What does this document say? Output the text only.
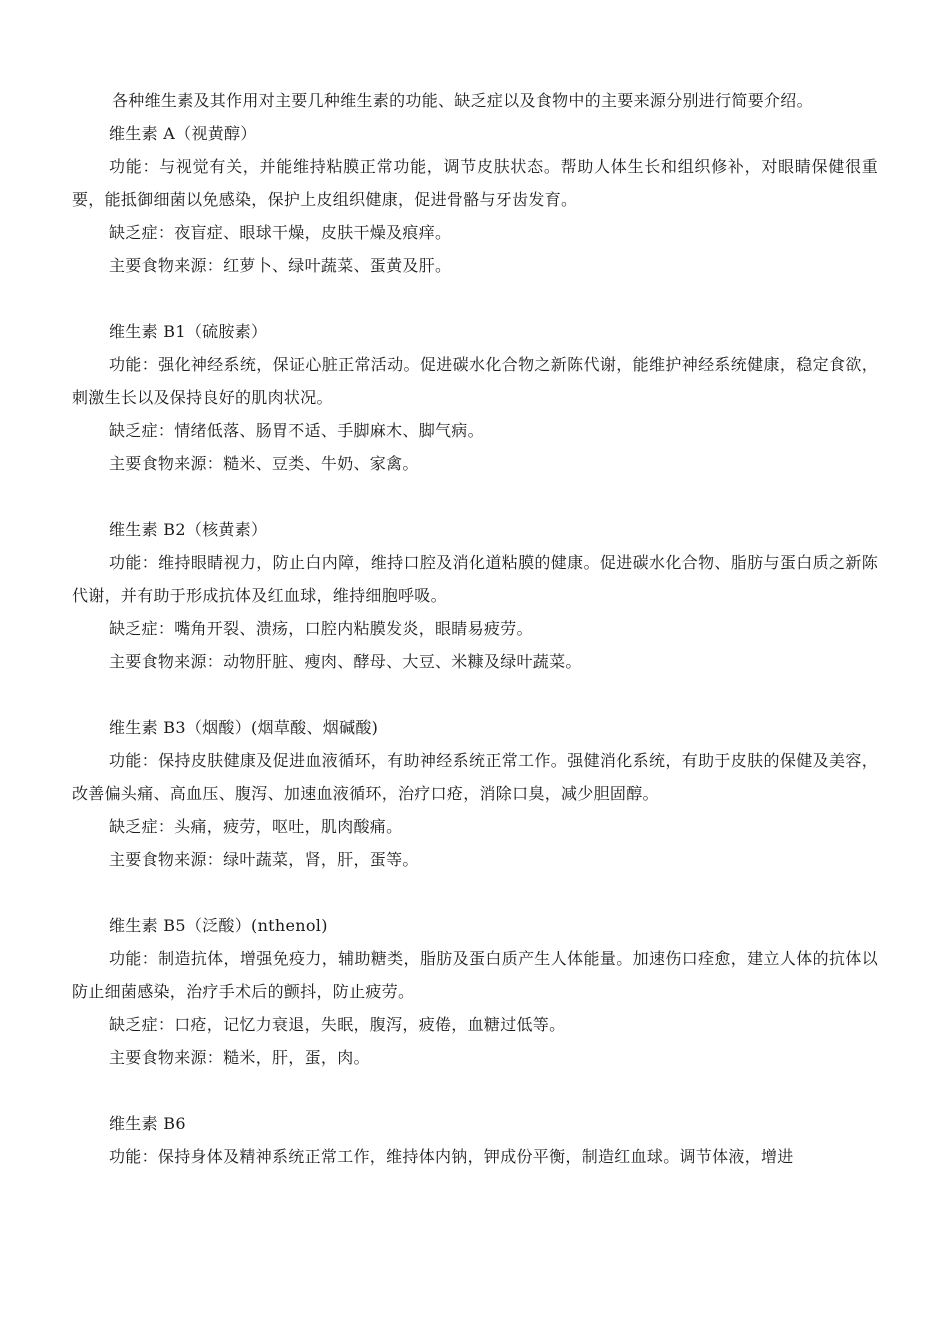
各种维生素及其作用对主要几种维生素的功能、缺乏症以及食物中的主要来源分别进行简要介绍。

维生素 A（视黄醇）

功能：与视觉有关，并能维持粘膜正常功能，调节皮肤状态。帮助人体生长和组织修补，对眼睛保健很重要，能抵御细菌以免感染，保护上皮组织健康，促进骨骼与牙齿发育。

缺乏症：夜盲症、眼球干燥，皮肤干燥及痕痒。

主要食物来源：红萝卜、绿叶蔬菜、蛋黄及肝。

维生素 B1（硫胺素）

功能：强化神经系统，保证心脏正常活动。促进碳水化合物之新陈代谢，能维护神经系统健康，稳定食欲，刺激生长以及保持良好的肌肉状况。

缺乏症：情绪低落、肠胃不适、手脚麻木、脚气病。

主要食物来源：糙米、豆类、牛奶、家禽。

维生素 B2（核黄素）

功能：维持眼睛视力，防止白内障，维持口腔及消化道粘膜的健康。促进碳水化合物、脂肪与蛋白质之新陈代谢，并有助于形成抗体及红血球，维持细胞呼吸。

缺乏症：嘴角开裂、溃疡，口腔内粘膜发炎，眼睛易疲劳。

主要食物来源：动物肝脏、瘦肉、酵母、大豆、米糠及绿叶蔬菜。

维生素 B3（烟酸）(烟草酸、烟碱酸)

功能：保持皮肤健康及促进血液循环，有助神经系统正常工作。强健消化系统，有助于皮肤的保健及美容，改善偏头痛、高血压、腹泻、加速血液循环，治疗口疮，消除口臭，减少胆固醇。

缺乏症：头痛，疲劳，呕吐，肌肉酸痛。

主要食物来源：绿叶蔬菜，肾，肝，蛋等。

维生素 B5（泛酸）(nthenol)

功能：制造抗体，增强免疫力，辅助糖类，脂肪及蛋白质产生人体能量。加速伤口痊愈，建立人体的抗体以防止细菌感染，治疗手术后的颤抖，防止疲劳。

缺乏症：口疮，记忆力衰退，失眠，腹泻，疲倦，血糖过低等。

主要食物来源：糙米，肝，蛋，肉。

维生素 B6

功能：保持身体及精神系统正常工作，维持体内钠，钾成份平衡，制造红血球。调节体液，增进
